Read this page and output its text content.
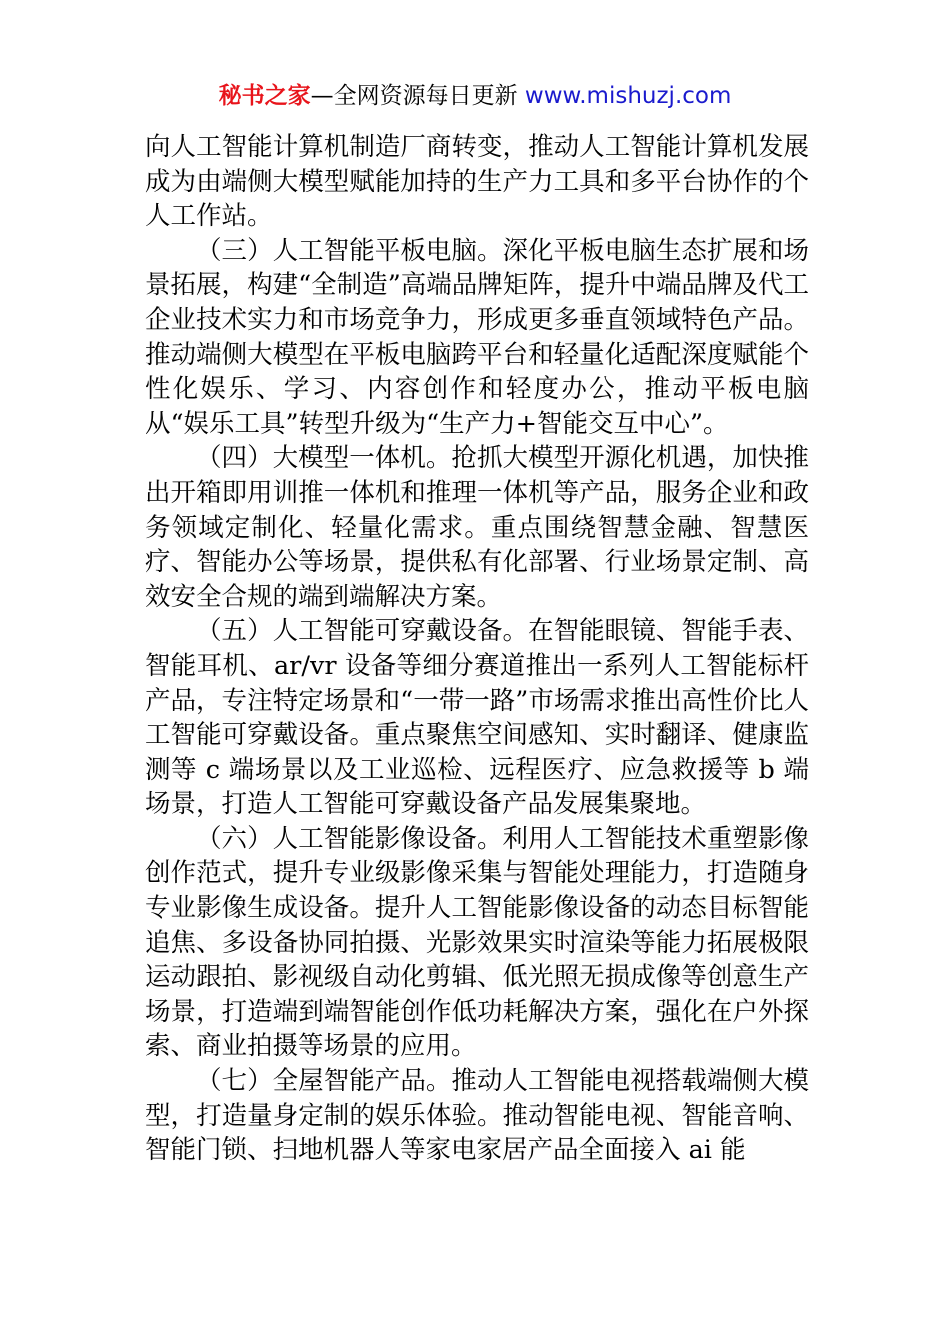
秘书之家—全网资源每日更新 www.mishuzj.com

向人工智能计算机制造厂商转变，推动人工智能计算机发展成为由端侧大模型赋能加持的生产力工具和多平台协作的个人工作站。

（三）人工智能平板电脑。深化平板电脑生态扩展和场景拓展，构建“全制造”高端品牌矩阵，提升中端品牌及代工企业技术实力和市场竞争力，形成更多垂直领域特色产品。推动端侧大模型在平板电脑跨平台和轻量化适配深度赋能个性化娱乐、学习、内容创作和轻度办公，推动平板电脑从“娱乐工具”转型升级为“生产力+智能交互中心”。

（四）大模型一体机。抢抓大模型开源化机遇，加快推出开箱即用训推一体机和推理一体机等产品，服务企业和政务领域定制化、轻量化需求。重点围绕智慧金融、智慧医疗、智能办公等场景，提供私有化部署、行业场景定制、高效安全合规的端到端解决方案。

（五）人工智能可穿戴设备。在智能眼镜、智能手表、智能耳机、ar/vr 设备等细分赛道推出一系列人工智能标杆产品，专注特定场景和“一带一路”市场需求推出高性价比人工智能可穿戴设备。重点聚焦空间感知、实时翻译、健康监测等 c 端场景以及工业巡检、远程医疗、应急救援等 b 端场景，打造人工智能可穿戴设备产品发展集聚地。

（六）人工智能影像设备。利用人工智能技术重塑影像创作范式，提升专业级影像采集与智能处理能力，打造随身专业影像生成设备。提升人工智能影像设备的动态目标智能追焦、多设备协同拍摄、光影效果实时渲染等能力拓展极限运动跟拍、影视级自动化剪辑、低光照无损成像等创意生产场景，打造端到端智能创作低功耗解决方案，强化在户外探索、商业拍摄等场景的应用。

（七）全屋智能产品。推动人工智能电视搭载端侧大模型，打造量身定制的娱乐体验。推动智能电视、智能音响、智能门锁、扫地机器人等家电家居产品全面接入 ai 能
